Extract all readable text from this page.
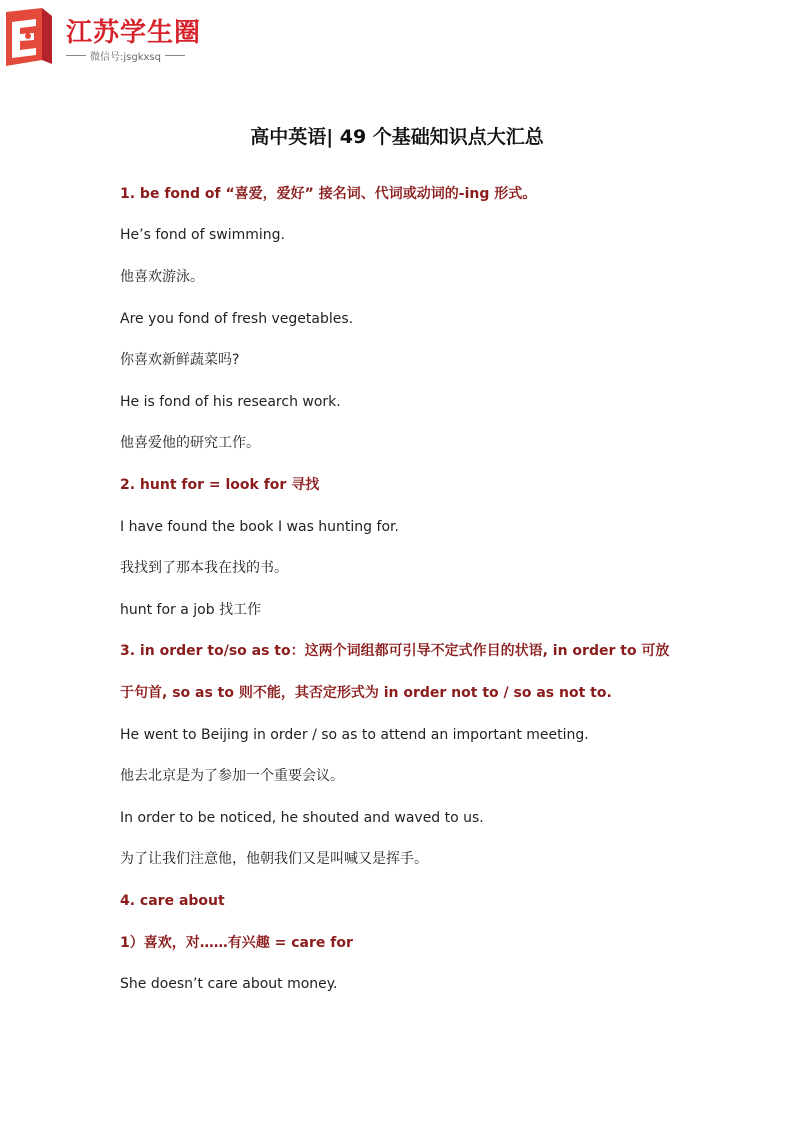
江苏学生圈
微信号:jsgkxsq
高中英语| 49 个基础知识点大汇总
1. be fond of “喜爱，爱好” 接名词、代词或动词的-ing 形式。
He’s fond of swimming.
他喜欢游泳。
Are you fond of fresh vegetables.
你喜欢新鲜蔬菜吗?
He is fond of his research work.
他喜爱他的研究工作。
2. hunt for = look for 寻找
I have found the book I was hunting for.
我找到了那本我在找的书。
hunt for a job 找工作
3. in order to/so as to：这两个词组都可引导不定式作目的状语, in order to 可放
于句首, so as to 则不能，其否定形式为 in order not to / so as not to.
He went to Beijing in order / so as to attend an important meeting.
他去北京是为了参加一个重要会议。
In order to be noticed, he shouted and waved to us.
为了让我们注意他，他朝我们又是叫喊又是挥手。
4. care about
1）喜欢，对……有兴趣 = care for
She doesn’t care about money.
